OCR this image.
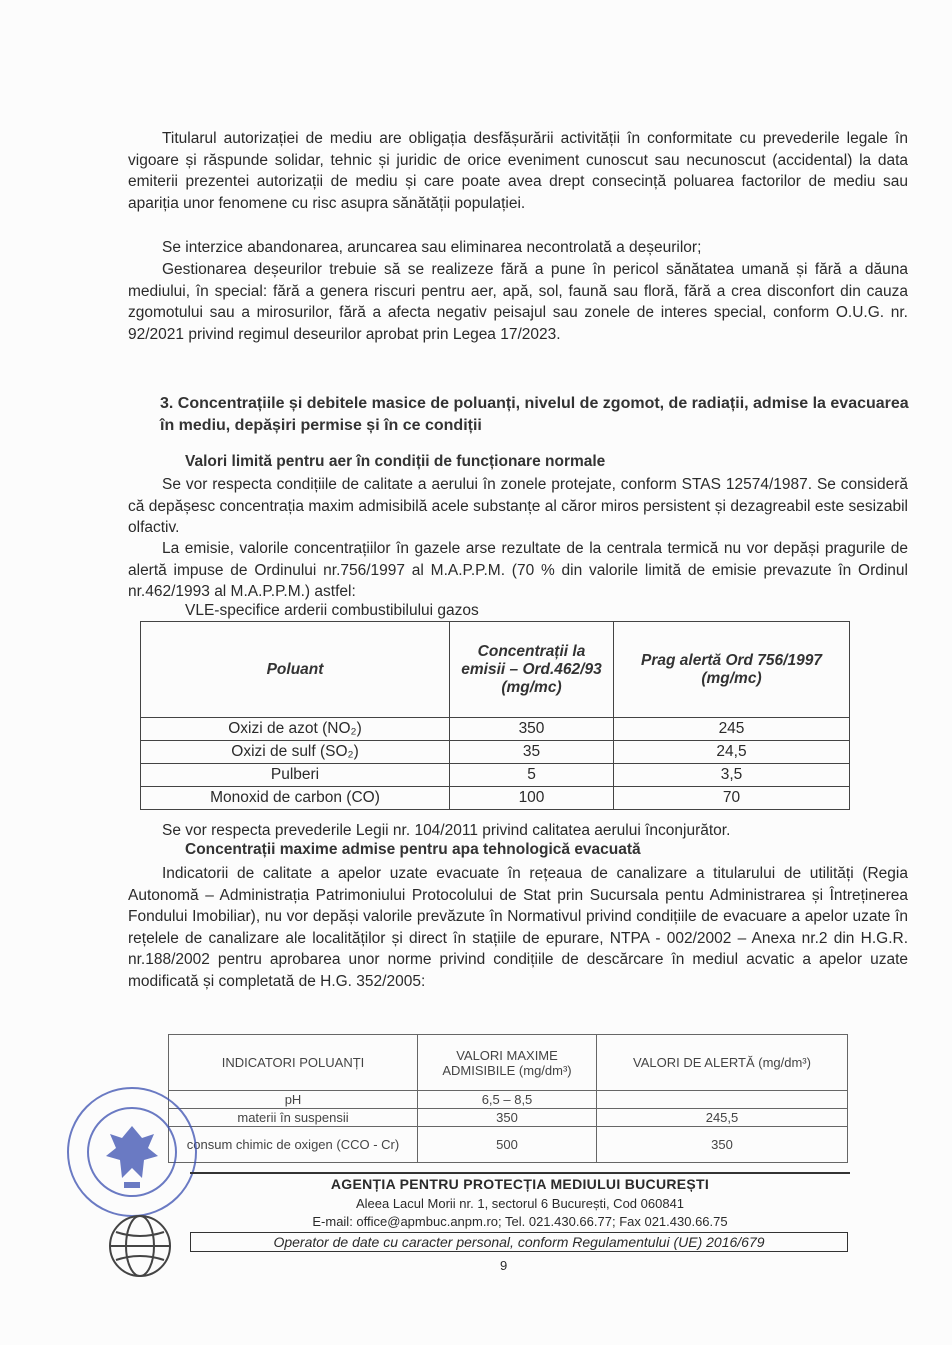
Titularul autorizației de mediu are obligația desfășurării activității în conformitate cu prevederile legale în vigoare și răspunde solidar, tehnic și juridic de orice eveniment cunoscut sau necunoscut (accidental) la data emiterii prezentei autorizații de mediu și care poate avea drept consecință poluarea factorilor de mediu sau apariția unor fenomene cu risc asupra sănătății populației.

Se interzice abandonarea, aruncarea sau eliminarea necontrolată a deșeurilor;

Gestionarea deșeurilor trebuie să se realizeze fără a pune în pericol sănătatea umană și fără a dăuna mediului, în special: fără a genera riscuri pentru aer, apă, sol, faună sau floră, fără a crea disconfort din cauza zgomotului sau a mirosurilor, fără a afecta negativ peisajul sau zonele de interes special, conform O.U.G. nr. 92/2021 privind regimul deseurilor aprobat prin Legea 17/2023.

3. Concentrațiile și debitele masice de poluanți, nivelul de zgomot, de radiații, admise la evacuarea în mediu, depășiri permise și în ce condiții

Valori limită pentru aer în condiții de funcționare normale

Se vor respecta condițiile de calitate a aerului în zonele protejate, conform STAS 12574/1987. Se consideră că depășesc concentrația maxim admisibilă acele substanțe al căror miros persistent și dezagreabil este sesizabil olfactiv.

La emisie, valorile concentrațiilor în gazele arse rezultate de la centrala termică nu vor depăși pragurile de alertă impuse de Ordinului nr.756/1997 al M.A.P.P.M. (70 % din valorile limită de emisie prevazute în Ordinul nr.462/1993 al M.A.P.P.M.) astfel:

VLE-specifice arderii combustibilului gazos

Poluant	Concentrații la emisii – Ord.462/93 (mg/mc)	Prag alertă Ord 756/1997 (mg/mc)
Oxizi de azot (NO₂)	350	245
Oxizi de sulf (SO₂)	35	24,5
Pulberi	5	3,5
Monoxid de carbon (CO)	100	70

Se vor respecta prevederile Legii nr. 104/2011 privind calitatea aerului înconjurător.

Concentrații maxime admise pentru apa tehnologică evacuată

Indicatorii de calitate a apelor uzate evacuate în rețeaua de canalizare a titularului de utilități (Regia Autonomă – Administrația Patrimoniului Protocolului de Stat prin Sucursala pentu Administrarea și Întreținerea Fondului Imobiliar), nu vor depăși valorile prevăzute în Normativul privind condițiile de evacuare a apelor uzate în rețelele de canalizare ale localităților și direct în stațiile de epurare, NTPA - 002/2002 – Anexa nr.2 din H.G.R. nr.188/2002 pentru aprobarea unor norme privind condițiile de descărcare în mediul acvatic a apelor uzate modificată și completată de H.G. 352/2005:

INDICATORI POLUANȚI	VALORI MAXIME ADMISIBILE (mg/dm³)	VALORI DE ALERTĂ (mg/dm³)
pH	6,5 – 8,5	
materii în suspensii	350	245,5
consum chimic de oxigen (CCO - Cr)	500	350

AGENȚIA PENTRU PROTECȚIA MEDIULUI BUCUREȘTI

Aleea Lacul Morii nr. 1, sectorul 6 București, Cod 060841

E-mail: office@apmbuc.anpm.ro; Tel. 021.430.66.77; Fax 021.430.66.75

Operator de date cu caracter personal, conform Regulamentului (UE) 2016/679

9
